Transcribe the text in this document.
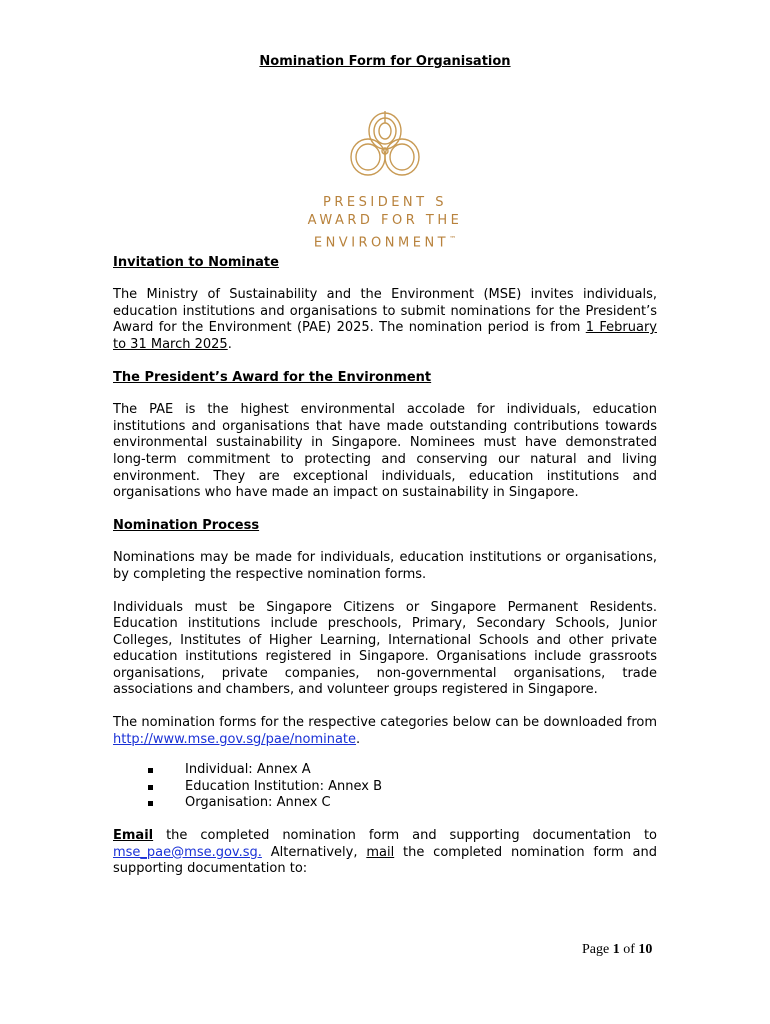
Nomination Form for Organisation
PRESIDENT S
AWARD FOR THE
ENVIRONMENT™
Invitation to Nominate

The Ministry of Sustainability and the Environment (MSE) invites individuals, education institutions and organisations to submit nominations for the President’s Award for the Environment (PAE) 2025. The nomination period is from 1 February to 31 March 2025.

The President’s Award for the Environment

The PAE is the highest environmental accolade for individuals, education institutions and organisations that have made outstanding contributions towards environmental sustainability in Singapore. Nominees must have demonstrated long-term commitment to protecting and conserving our natural and living environment. They are exceptional individuals, education institutions and organisations who have made an impact on sustainability in Singapore.

Nomination Process

Nominations may be made for individuals, education institutions or organisations, by completing the respective nomination forms.

Individuals must be Singapore Citizens or Singapore Permanent Residents. Education institutions include preschools, Primary, Secondary Schools, Junior Colleges, Institutes of Higher Learning, International Schools and other private education institutions registered in Singapore. Organisations include grassroots organisations, private companies, non-governmental organisations, trade associations and chambers, and volunteer groups registered in Singapore.

The nomination forms for the respective categories below can be downloaded from http://www.mse.gov.sg/pae/nominate.

Individual: Annex A
Education Institution: Annex B
Organisation: Annex C

Email the completed nomination form and supporting documentation to mse_pae@mse.gov.sg. Alternatively, mail the completed nomination form and supporting documentation to:

Page 1 of 10
